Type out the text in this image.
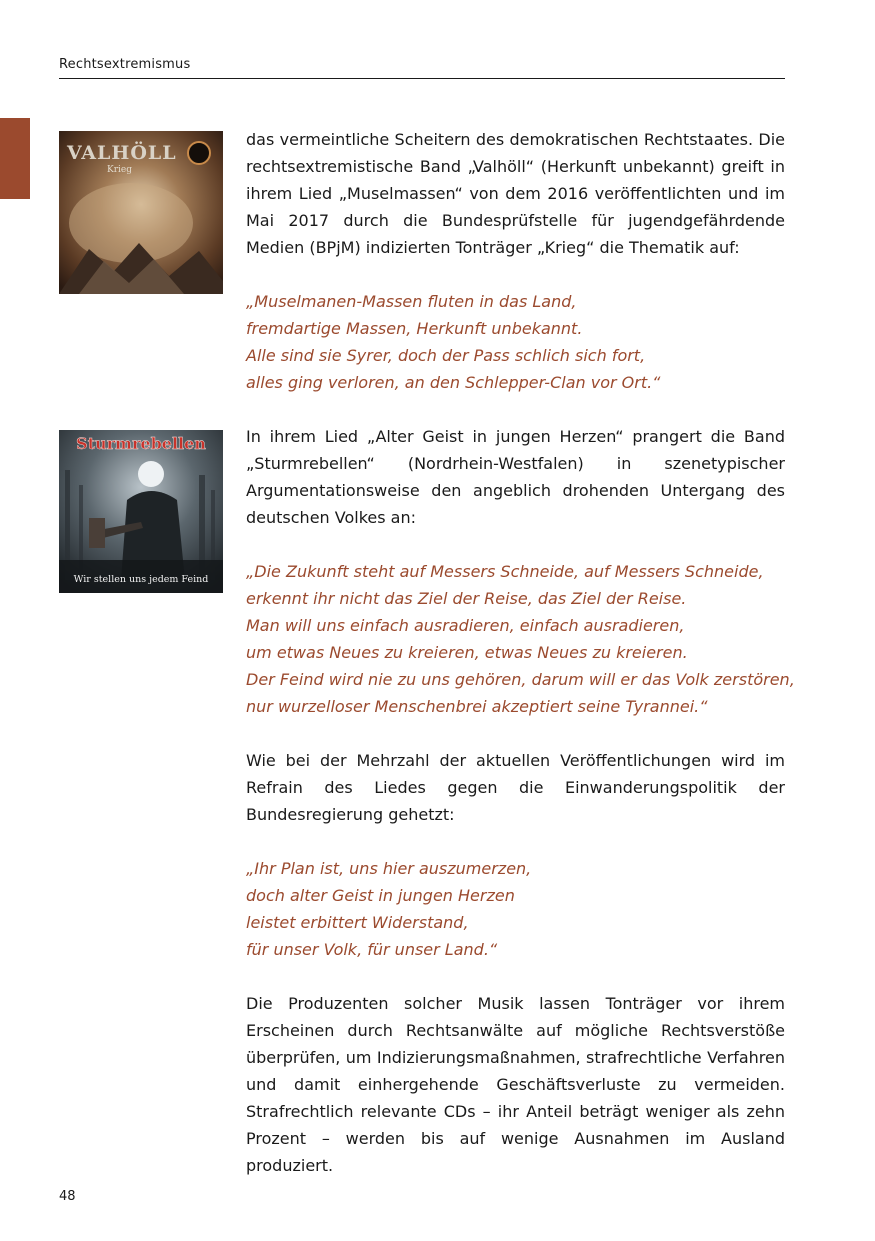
Rechtsextremismus
VALHÖLL
Krieg

das vermeintliche Scheitern des demokratischen Rechtstaates. Die rechtsextremistische Band „Valhöll“ (Herkunft unbekannt) greift in ihrem Lied „Muselmassen“ von dem 2016 veröffentlichten und im Mai 2017 durch die Bundesprüfstelle für jugendgefährdende Medien (BPjM) indizierten Tonträger „Krieg“ die Thematik auf:

„Muselmanen-Massen fluten in das Land,
fremdartige Massen, Herkunft unbekannt.
Alle sind sie Syrer, doch der Pass schlich sich fort,
alles ging verloren, an den Schlepper-Clan vor Ort.“
Sturmrebellen
Wir stellen uns jedem Feind

In ihrem Lied „Alter Geist in jungen Herzen“ prangert die Band „Sturmrebellen“ (Nordrhein-Westfalen) in szenetypischer Argumentationsweise den angeblich drohenden Untergang des deutschen Volkes an:

„Die Zukunft steht auf Messers Schneide, auf Messers Schneide,
erkennt ihr nicht das Ziel der Reise, das Ziel der Reise.
Man will uns einfach ausradieren, einfach ausradieren,
um etwas Neues zu kreieren, etwas Neues zu kreieren.
Der Feind wird nie zu uns gehören, darum will er das Volk zerstören,
nur wurzelloser Menschenbrei akzeptiert seine Tyrannei.“

Wie bei der Mehrzahl der aktuellen Veröffentlichungen wird im Refrain des Liedes gegen die Einwanderungspolitik der Bundesregierung gehetzt:

„Ihr Plan ist, uns hier auszumerzen,
doch alter Geist in jungen Herzen
leistet erbittert Widerstand,
für unser Volk, für unser Land.“

Die Produzenten solcher Musik lassen Tonträger vor ihrem Erscheinen durch Rechtsanwälte auf mögliche Rechtsverstöße überprüfen, um Indizierungsmaßnahmen, strafrechtliche Verfahren und damit einhergehende Geschäftsverluste zu vermeiden. Strafrechtlich relevante CDs – ihr Anteil beträgt weniger als zehn Prozent – werden bis auf wenige Ausnahmen im Ausland produziert.

48
